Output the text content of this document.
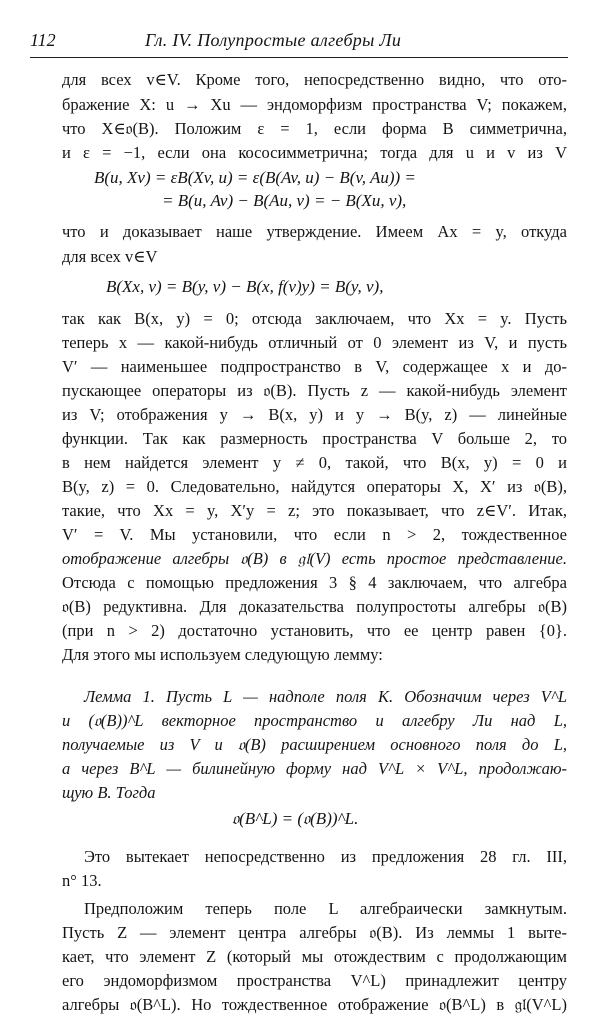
112	Гл. IV. Полупростые алгебры Ли
для всех v∈V. Кроме того, непосредственно видно, что ото-
бражение X: u → Xu — эндоморфизм пространства V; покажем,
что X∈𝔬(B). Положим ε = 1, если форма B симметрична,
и ε = −1, если она кососимметрична; тогда для u и v из V
B(u, Xv) = εB(Xv, u) = ε(B(Av, u) − B(v, Au)) =
= B(u, Av) − B(Au, v) = − B(Xu, v),
что и доказывает наше утверждение. Имеем Ax = y, откуда
для всех v∈V
B(Xx, v) = B(y, v) − B(x, f(v)y) = B(y, v),
так как B(x, y) = 0; отсюда заключаем, что Xx = y. Пусть
теперь x — какой-нибудь отличный от 0 элемент из V, и пусть
V′ — наименьшее подпространство в V, содержащее x и до-
пускающее операторы из 𝔬(B). Пусть z — какой-нибудь элемент
из V; отображения y → B(x, y) и y → B(y, z) — линейные
функции. Так как размерность пространства V больше 2, то
в нем найдется элемент y ≠ 0, такой, что B(x, y) = 0 и
B(y, z) = 0. Следовательно, найдутся операторы X, X′ из 𝔬(B),
такие, что Xx = y, X′y = z; это показывает, что z∈V′. Итак,
V′ = V. Мы установили, что если n > 2, тождественное
отображение алгебры 𝔬(B) в 𝔤𝔩(V) есть простое представление.
Отсюда с помощью предложения 3 § 4 заключаем, что алгебра
𝔬(B) редуктивна. Для доказательства полупростоты алгебры 𝔬(B)
(при n > 2) достаточно установить, что ее центр равен {0}.
Для этого мы используем следующую лемму:
Лемма 1. Пусть L — надполе поля K. Обозначим через V^L
и (𝔬(B))^L векторное пространство и алгебру Ли над L,
получаемые из V и 𝔬(B) расширением основного поля до L,
а через B^L — билинейную форму над V^L × V^L, продолжаю-
щую B. Тогда
𝔬(B^L) = (𝔬(B))^L.
Это вытекает непосредственно из предложения 28 гл. III,
n° 13.
Предположим теперь поле L алгебраически замкнутым.
Пусть Z — элемент центра алгебры 𝔬(B). Из леммы 1 выте-
кает, что элемент Z (который мы отождествим с продолжающим
его эндоморфизмом пространства V^L) принадлежит центру
алгебры 𝔬(B^L). Но тождественное отображение 𝔬(B^L) в 𝔤𝔩(V^L)
